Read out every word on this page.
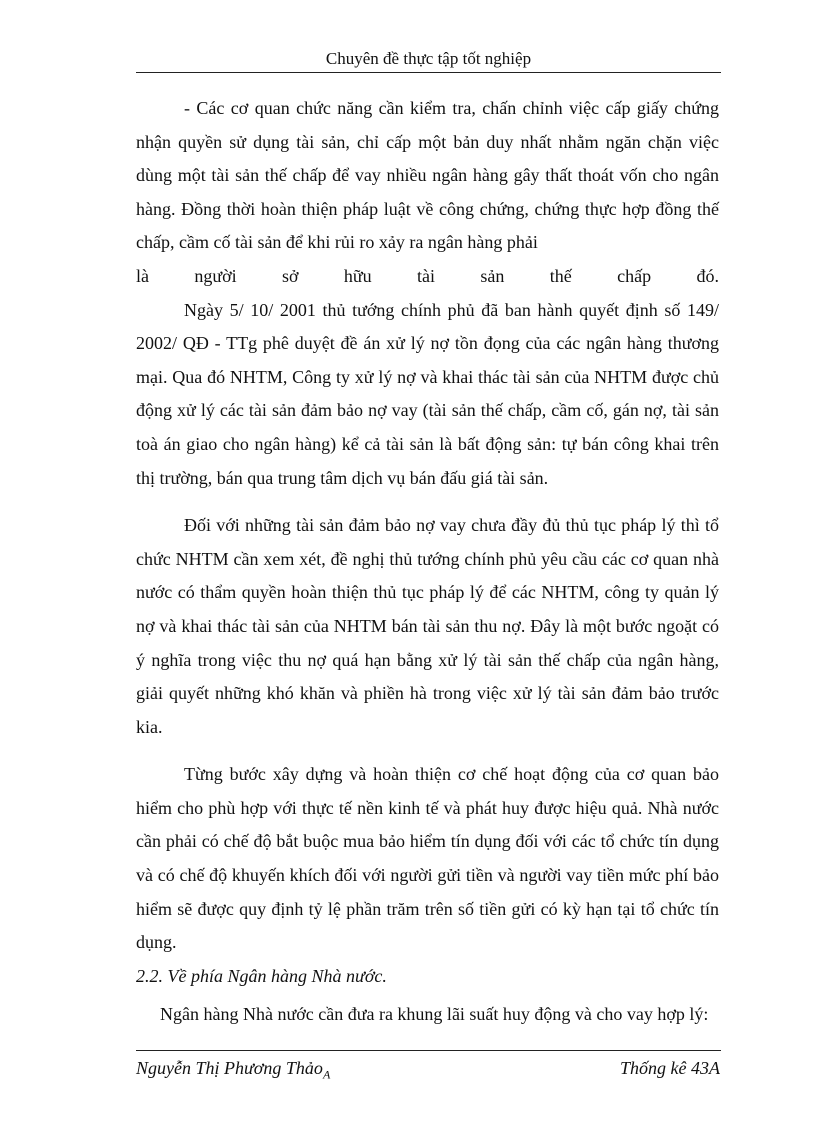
Chuyên đề thực tập tốt nghiệp

- Các cơ quan chức năng cần kiểm tra, chấn chỉnh việc cấp giấy chứng nhận quyền sử dụng tài sản, chỉ cấp một bản duy nhất nhằm ngăn chặn việc dùng một tài sản thế chấp để vay nhiều ngân hàng gây thất thoát vốn cho ngân hàng. Đồng thời hoàn thiện pháp luật về công chứng, chứng thực hợp đồng thế chấp, cầm cố tài sản để khi rủi ro xảy ra ngân hàng phải
là người sở hữu tài sản thế chấp đó.

Ngày 5/ 10/ 2001 thủ tướng chính phủ đã ban hành quyết định số 149/ 2002/ QĐ - TTg phê duyệt đề án xử lý nợ tồn đọng của các ngân hàng thương mại. Qua đó NHTM, Công ty xử lý nợ và khai thác tài sản của NHTM được chủ động xử lý các tài sản đảm bảo nợ vay (tài sản thế chấp, cầm cố, gán nợ, tài sản toà án giao cho ngân hàng) kể cả tài sản là bất động sản: tự bán công khai trên thị trường, bán qua trung tâm dịch vụ bán đấu giá tài sản.

Đối với những tài sản đảm bảo nợ vay chưa đầy đủ thủ tục pháp lý thì tổ chức NHTM cần xem xét, đề nghị thủ tướng chính phủ yêu cầu các cơ quan nhà nước có thẩm quyền hoàn thiện thủ tục pháp lý để các NHTM, công ty quản lý nợ và khai thác tài sản của NHTM bán tài sản thu nợ. Đây là một bước ngoặt có ý nghĩa trong việc thu nợ quá hạn bằng xử lý tài sản thế chấp của ngân hàng, giải quyết những khó khăn và phiền hà trong việc xử lý tài sản đảm bảo trước kia.

Từng bước xây dựng và hoàn thiện cơ chế hoạt động của cơ quan bảo hiểm cho phù hợp với thực tế nền kinh tế và phát huy được hiệu quả. Nhà nước cần phải có chế độ bắt buộc mua bảo hiểm tín dụng đối với các tổ chức tín dụng và có chế độ khuyến khích đối với người gửi tiền và người vay tiền mức phí bảo hiểm sẽ được quy định tỷ lệ phần trăm trên số tiền gửi có kỳ hạn tại tổ chức tín dụng.

2.2. Về phía Ngân hàng Nhà nước.

Ngân hàng Nhà nước cần đưa ra khung lãi suất huy động và cho vay hợp lý:

Nguyễn Thị Phương Thảo$_A$	Thống kê 43A
